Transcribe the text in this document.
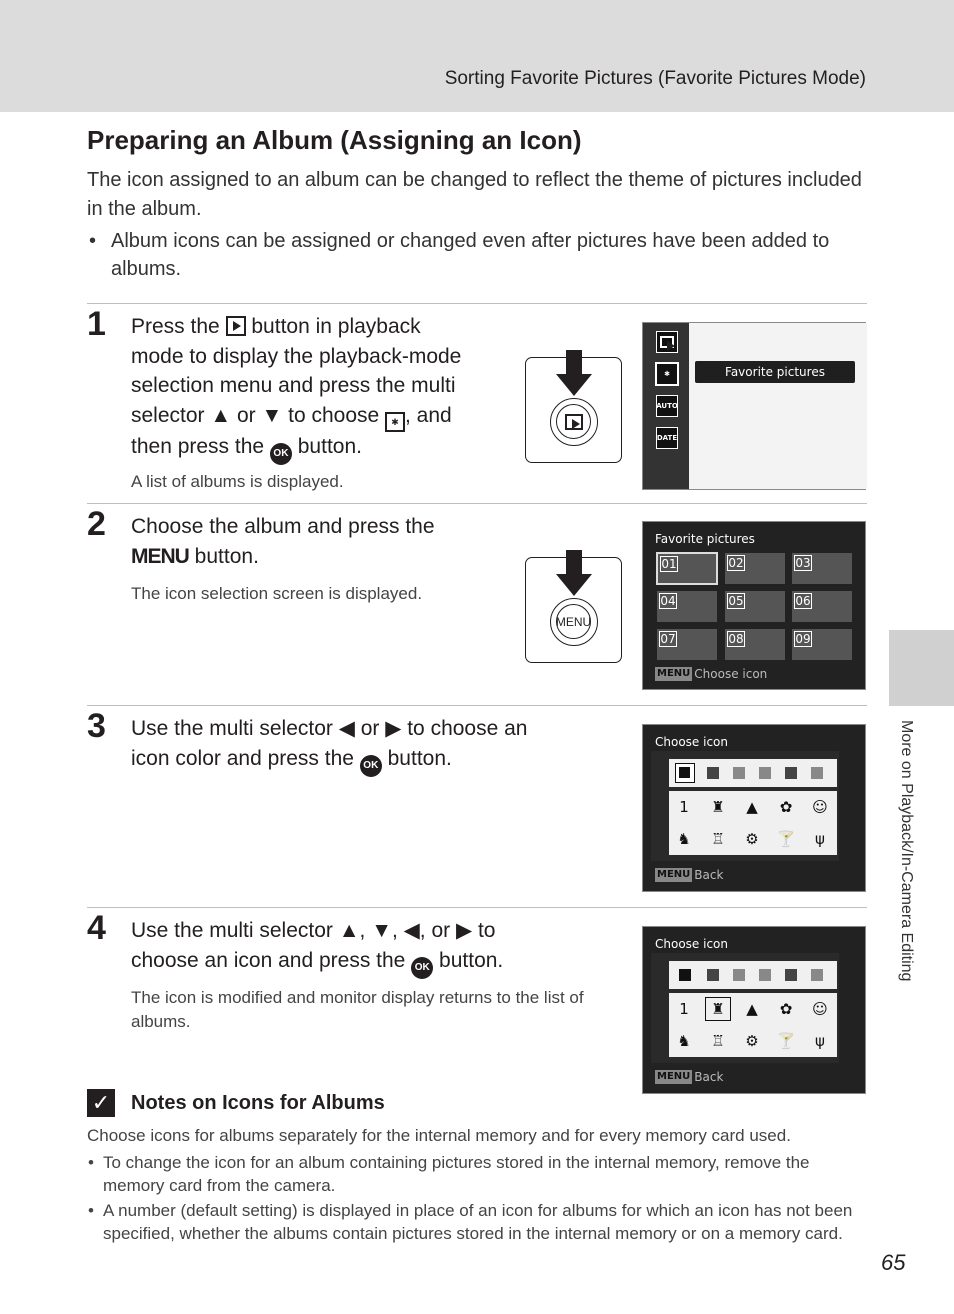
Sorting Favorite Pictures (Favorite Pictures Mode)
Preparing an Album (Assigning an Icon)
The icon assigned to an album can be changed to reflect the theme of pictures included in the album.
• Album icons can be assigned or changed even after pictures have been added to albums.
1 Press the  button in playback
mode to display the playback-mode
selection menu and press the multi
selector ▲ or ▼ to choose ✱ , and
then press the OK button.
A list of albums is displayed.
✱
AUTO
DATE
Favorite pictures
2 Choose the album and press the
MENU button.
The icon selection screen is displayed.
MENU
Favorite pictures
01	02	03
04	05	06
07	08	09
MENU Choose icon
3 Use the multi selector ◀ or ▶ to choose an
icon color and press the OK button.
Choose icon
1	♜	▲	✿	☺
♞	♖	⚙	🍸	ψ
MENU Back
4 Use the multi selector ▲, ▼, ◀, or ▶ to
choose an icon and press the OK button.
The icon is modified and monitor display returns to the list of albums.
Choose icon
1	♜	▲	✿	☺
♞	♖	⚙	🍸	ψ
MENU Back
✓ Notes on Icons for Albums
Choose icons for albums separately for the internal memory and for every memory card used.
• To change the icon for an album containing pictures stored in the internal memory, remove the memory card from the camera.
• A number (default setting) is displayed in place of an icon for albums for which an icon has not been specified, whether the albums contain pictures stored in the internal memory or on a memory card.
More on Playback/In-Camera Editing
65
